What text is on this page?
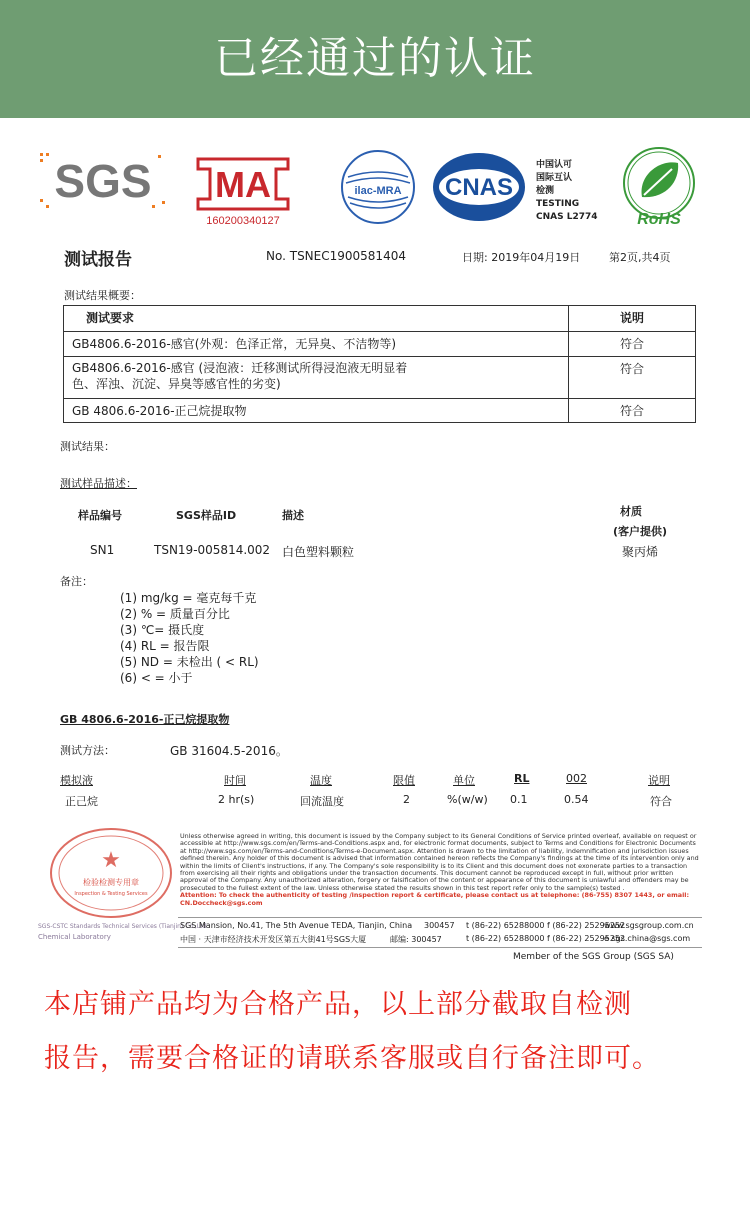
已经通过的认证
SGS MA
160200340127
ilac-MRA CNAS
中国认可
国际互认
检测
TESTING
CNAS L2774 RoHS
测试报告	No. TSNEC1900581404	日期: 2019年04月19日	第2页,共4页
测试结果概要：
测试要求	说明
GB4806.6-2016-感官(外观：色泽正常，无异臭、不洁物等)	符合
GB4806.6-2016-感官 (浸泡液：迁移测试所得浸泡液无明显着色、浑浊、沉淀、异臭等感官性的劣变)	符合
GB 4806.6-2016-正己烷提取物	符合
测试结果：
测试样品描述：
样品编号	SGS样品ID	描述	材质
(客户提供)
SN1	TSN19-005814.002 白色塑料颗粒	聚丙烯
备注：
(1) mg/kg = 毫克每千克
(2) % = 质量百分比
(3) ℃= 摄氏度
(4) RL = 报告限
(5) ND = 未检出 ( < RL)
(6) < = 小于
GB 4806.6-2016-正己烷提取物
测试方法：	GB 31604.5-2016。
模拟液	时间	温度	限值	单位	RL	002	说明
正己烷	2 hr(s)	回流温度	2	%(w/w) 0.1	0.54	符合
★
检验检测专用章
Inspection & Testing Services
SGS-CSTC Standards Technical Services (Tianjin) Co.,Ltd.
Chemical Laboratory
Unless otherwise agreed in writing, this document is issued by the Company subject to its General Conditions of Service printed overleaf, available on request or accessible at http://www.sgs.com/en/Terms-and-Conditions.aspx and, for electronic format documents, subject to Terms and Conditions for Electronic Documents at http://www.sgs.com/en/Terms-and-Conditions/Terms-e-Document.aspx. Attention is drawn to the limitation of liability, indemnification and jurisdiction issues defined therein. Any holder of this document is advised that information contained hereon reflects the Company's findings at the time of its intervention only and within the limits of Client's instructions, if any. The Company's sole responsibility is to its Client and this document does not exonerate parties to a transaction from exercising all their rights and obligations under the transaction documents. This document cannot be reproduced except in full, without prior written approval of the Company. Any unauthorized alteration, forgery or falsification of the content or appearance of this document is unlawful and offenders may be prosecuted to the fullest extent of the law. Unless otherwise stated the results shown in this test report refer only to the sample(s) tested .
Attention: To check the authenticity of testing /inspection report & certificate, please contact us at telephone: (86-755) 8307 1443, or email: CN.Doccheck@sgs.com
SGS Mansion, No.41, The 5th Avenue TEDA, Tianjin, China 300457 t (86-22) 65288000 f (86-22) 25295252
www.sgsgroup.com.cn
中国 · 天津市经济技术开发区第五大街41号SGS大厦	邮编: 300457	t (86-22) 65288000 f (86-22) 25295252
e sgs.china@sgs.com
Member of the SGS Group (SGS SA)
本店铺产品均为合格产品，以上部分截取自检测
报告，需要合格证的请联系客服或自行备注即可。
